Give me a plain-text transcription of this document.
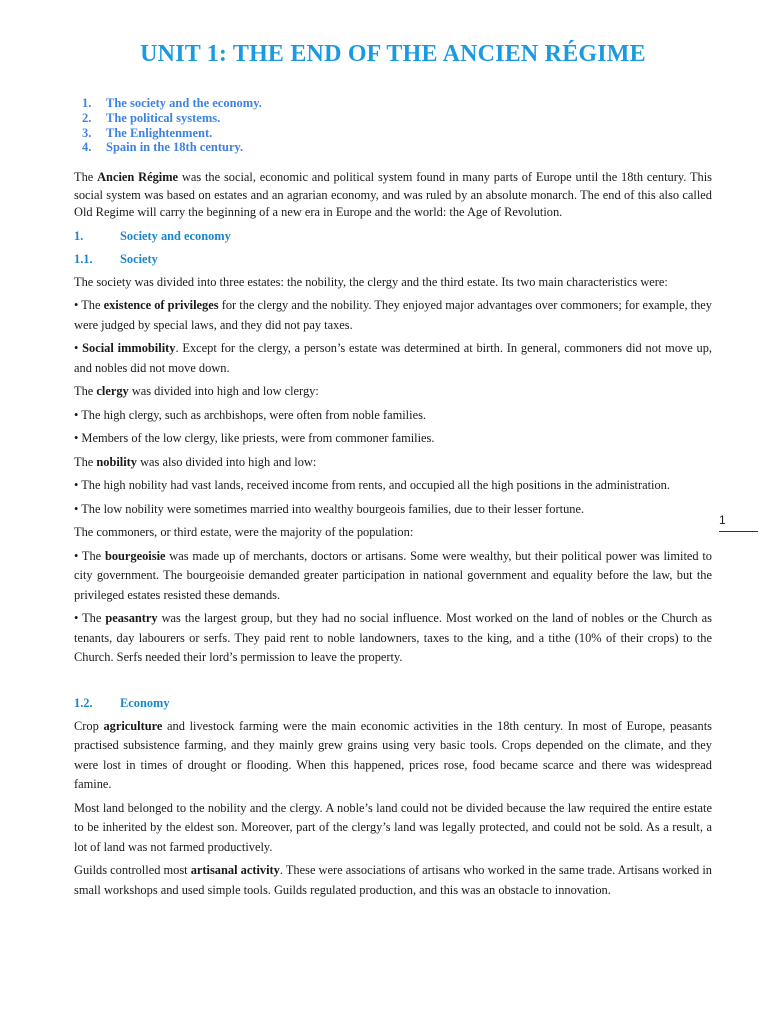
UNIT 1: THE END OF THE ANCIEN RÉGIME
1. The society and the economy.
2. The political systems.
3. The Enlightenment.
4. Spain in the 18th century.

The Ancien Régime was the social, economic and political system found in many parts of Europe until the 18th century. This social system was based on estates and an agrarian economy, and was ruled by an absolute monarch. The end of this also called Old Regime will carry the beginning of a new era in Europe and the world: the Age of Revolution.

1.	Society and economy
1.1.	Society

The society was divided into three estates: the nobility, the clergy and the third estate. Its two main characteristics were:

• The existence of privileges for the clergy and the nobility. They enjoyed major advantages over commoners; for example, they were judged by special laws, and they did not pay taxes.

• Social immobility. Except for the clergy, a person’s estate was determined at birth. In general, commoners did not move up, and nobles did not move down.

The clergy was divided into high and low clergy:

• The high clergy, such as archbishops, were often from noble families.

• Members of the low clergy, like priests, were from commoner families.

The nobility was also divided into high and low:

• The high nobility had vast lands, received income from rents, and occupied all the high positions in the administration.

• The low nobility were sometimes married into wealthy bourgeois families, due to their lesser fortune.

The commoners, or third estate, were the majority of the population:

• The bourgeoisie was made up of merchants, doctors or artisans. Some were wealthy, but their political power was limited to city government. The bourgeoisie demanded greater participation in national government and equality before the law, but the privileged estates resisted these demands.

• The peasantry was the largest group, but they had no social influence. Most worked on the land of nobles or the Church as tenants, day labourers or serfs. They paid rent to noble landowners, taxes to the king, and a tithe (10% of their crops) to the Church. Serfs needed their lord’s permission to leave the property.

1.2.	Economy

Crop agriculture and livestock farming were the main economic activities in the 18th century. In most of Europe, peasants practised subsistence farming, and they mainly grew grains using very basic tools. Crops depended on the climate, and they were lost in times of drought or flooding. When this happened, prices rose, food became scarce and there was widespread famine.

Most land belonged to the nobility and the clergy. A noble’s land could not be divided because the law required the entire estate to be inherited by the eldest son. Moreover, part of the clergy’s land was legally protected, and could not be sold. As a result, a lot of land was not farmed productively.

Guilds controlled most artisanal activity. These were associations of artisans who worked in the same trade. Artisans worked in small workshops and used simple tools. Guilds regulated production, and this was an obstacle to innovation.

1
